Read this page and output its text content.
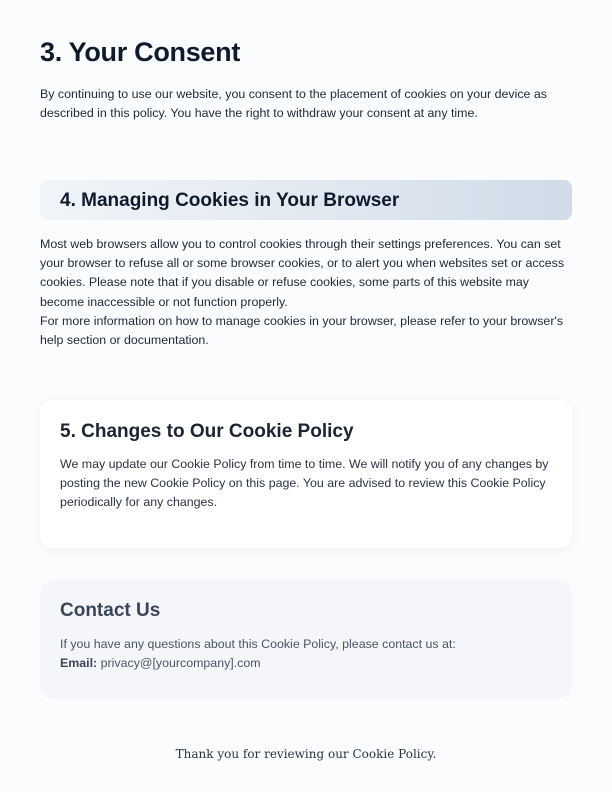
3. Your Consent

By continuing to use our website, you consent to the placement of cookies on your device as described in this policy. You have the right to withdraw your consent at any time.

4. Managing Cookies in Your Browser

Most web browsers allow you to control cookies through their settings preferences. You can set your browser to refuse all or some browser cookies, or to alert you when websites set or access cookies. Please note that if you disable or refuse cookies, some parts of this website may become inaccessible or not function properly.

For more information on how to manage cookies in your browser, please refer to your browser's help section or documentation.

5. Changes to Our Cookie Policy

We may update our Cookie Policy from time to time. We will notify you of any changes by posting the new Cookie Policy on this page. You are advised to review this Cookie Policy periodically for any changes.

Contact Us

If you have any questions about this Cookie Policy, please contact us at:
Email: privacy@[yourcompany].com

Thank you for reviewing our Cookie Policy.
